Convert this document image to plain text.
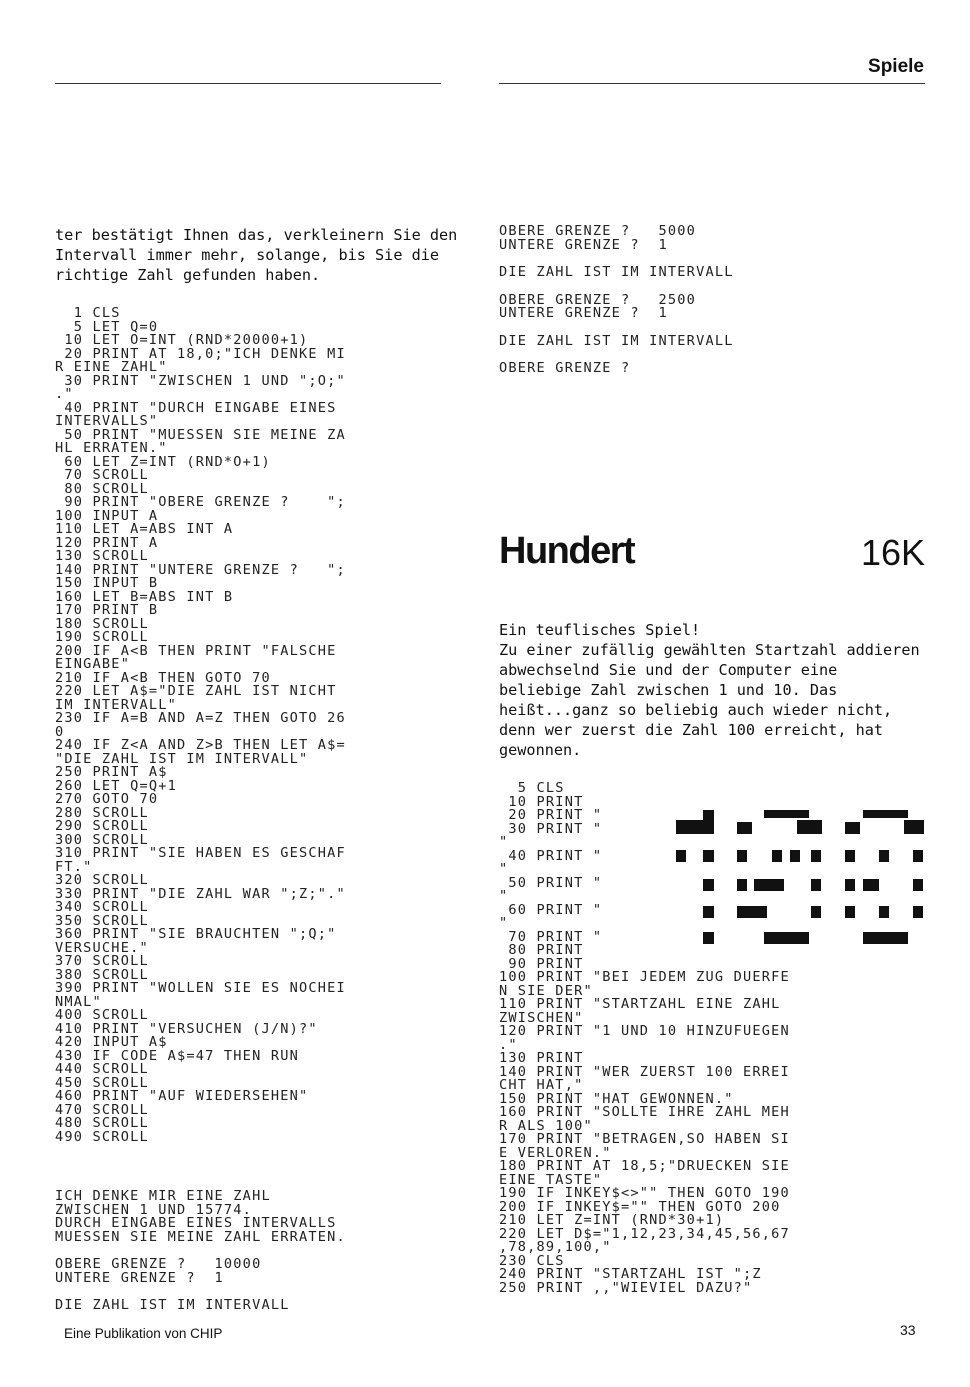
Spiele

ter bestätigt Ihnen das, verkleinern Sie den Intervall immer mehr, solange, bis Sie die richtige Zahl gefunden haben.

1 CLS
5 LET Q=0
10 LET O=INT (RND*20000+1)
20 PRINT AT 18,0;"ICH DENKE MI
R EINE ZAHL"
30 PRINT "ZWISCHEN 1 UND ";O;"
."
40 PRINT "DURCH EINGABE EINES
INTERVALLS"
50 PRINT "MUESSEN SIE MEINE ZA
HL ERRATEN."
60 LET Z=INT (RND*O+1)
70 SCROLL
80 SCROLL
90 PRINT "OBERE GRENZE ?    ";
100 INPUT A
110 LET A=ABS INT A
120 PRINT A
130 SCROLL
140 PRINT "UNTERE GRENZE ?   ";
150 INPUT B
160 LET B=ABS INT B
170 PRINT B
180 SCROLL
190 SCROLL
200 IF A<B THEN PRINT "FALSCHE
EINGABE"
210 IF A<B THEN GOTO 70
220 LET A$="DIE ZAHL IST NICHT
IM INTERVALL"
230 IF A=B AND A=Z THEN GOTO 26
0
240 IF Z<A AND Z>B THEN LET A$=
"DIE ZAHL IST IM INTERVALL"
250 PRINT A$
260 LET Q=Q+1
270 GOTO 70
280 SCROLL
290 SCROLL
300 SCROLL
310 PRINT "SIE HABEN ES GESCHAF
FT."
320 SCROLL
330 PRINT "DIE ZAHL WAR ";Z;"."
340 SCROLL
350 SCROLL
360 PRINT "SIE BRAUCHTEN ";Q;"
VERSUCHE."
370 SCROLL
380 SCROLL
390 PRINT "WOLLEN SIE ES NOCHEI
NMAL"
400 SCROLL
410 PRINT "VERSUCHEN (J/N)?"
420 INPUT A$
430 IF CODE A$=47 THEN RUN
440 SCROLL
450 SCROLL
460 PRINT "AUF WIEDERSEHEN"
470 SCROLL
480 SCROLL
490 SCROLL
ICH DENKE MIR EINE ZAHL
ZWISCHEN 1 UND 15774.
DURCH EINGABE EINES INTERVALLS
MUESSEN SIE MEINE ZAHL ERRATEN.
OBERE GRENZE ?   10000
UNTERE GRENZE ?  1
DIE ZAHL IST IM INTERVALL
OBERE GRENZE ?   5000
UNTERE GRENZE ?  1
DIE ZAHL IST IM INTERVALL
OBERE GRENZE ?   2500
UNTERE GRENZE ?  1
DIE ZAHL IST IM INTERVALL
OBERE GRENZE ?
Hundert	16K

Ein teuflisches Spiel!
Zu einer zufällig gewählten Startzahl addieren abwechselnd Sie und der Computer eine beliebige Zahl zwischen 1 und 10. Das heißt...ganz so beliebig auch wieder nicht, denn wer zuerst die Zahl 100 erreicht, hat gewonnen.

5 CLS
10 PRINT
20 PRINT "
30 PRINT "
"
40 PRINT "
"
50 PRINT "
"
60 PRINT "
"
70 PRINT "
80 PRINT
90 PRINT
100 PRINT "BEI JEDEM ZUG DUERFE
N SIE DER"
110 PRINT "STARTZAHL EINE ZAHL
ZWISCHEN"
120 PRINT "1 UND 10 HINZUFUEGEN
."
130 PRINT
140 PRINT "WER ZUERST 100 ERREI
CHT HAT,"
150 PRINT "HAT GEWONNEN."
160 PRINT "SOLLTE IHRE ZAHL MEH
R ALS 100"
170 PRINT "BETRAGEN,SO HABEN SI
E VERLOREN."
180 PRINT AT 18,5;"DRUECKEN SIE
EINE TASTE"
190 IF INKEY$<>"" THEN GOTO 190
200 IF INKEY$="" THEN GOTO 200
210 LET Z=INT (RND*30+1)
220 LET D$="1,12,23,34,45,56,67
,78,89,100,"
230 CLS
240 PRINT "STARTZAHL IST ";Z
250 PRINT ,,"WIEVIEL DAZU?"
Eine Publikation von CHIP	33
